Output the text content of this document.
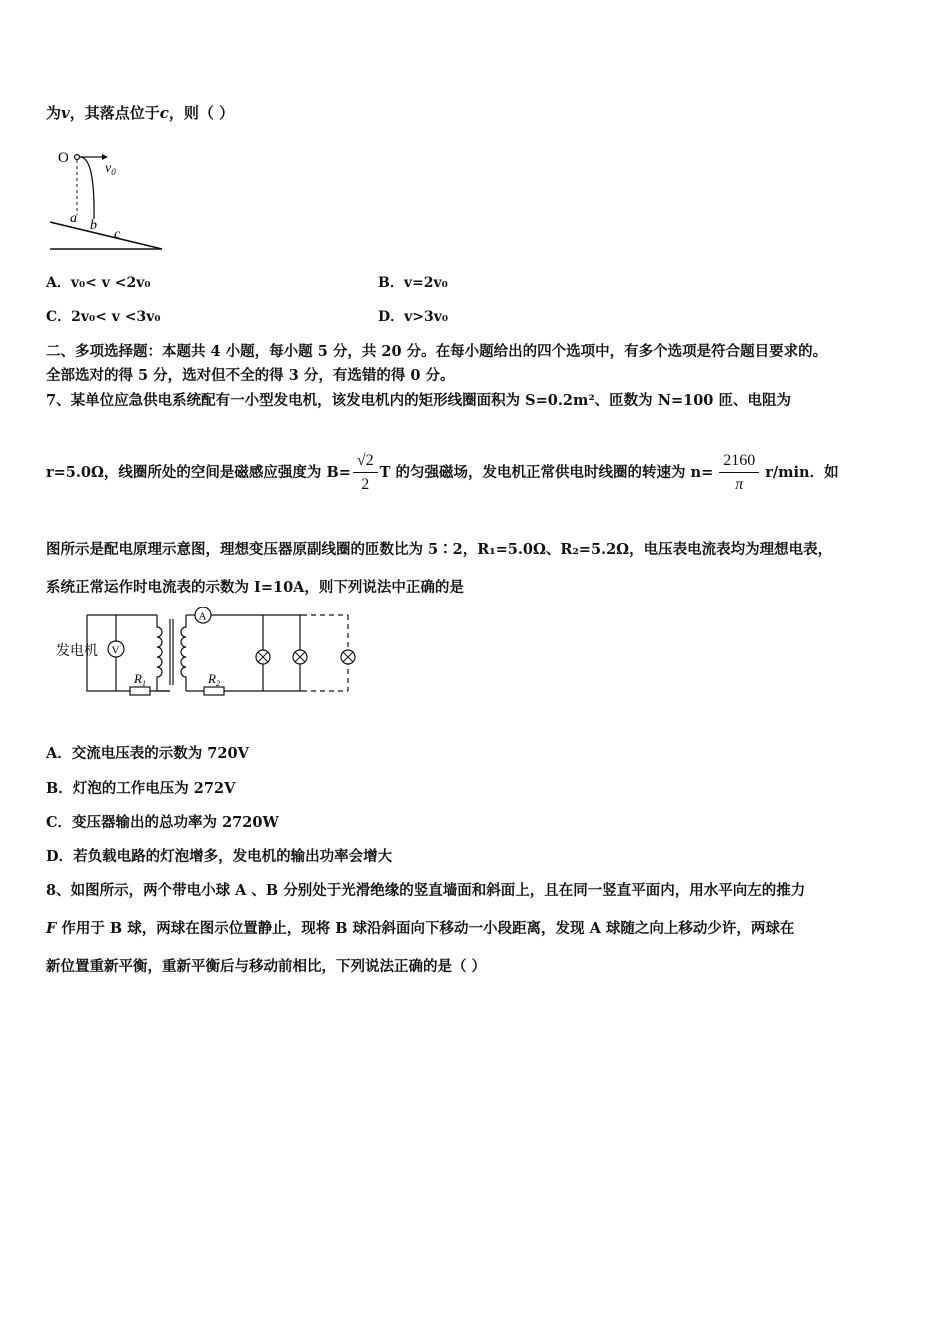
为v，其落点位于c，则（ ）
O
$v_0$
a b
c
A．v₀< v <2v₀	B．v=2v₀
C．2v₀< v <3v₀	D．v>3v₀
二、多项选择题：本题共 4 小题，每小题 5 分，共 20 分。在每小题给出的四个选项中，有多个选项是符合题目要求的。
全部选对的得 5 分，选对但不全的得 3 分，有选错的得 0 分。
7、某单位应急供电系统配有一小型发电机，该发电机内的矩形线圈面积为 S=0.2m²、匝数为 N=100 匝、电阻为
r=5.0Ω，线圈所处的空间是磁感应强度为 $B= \frac{√2}{2}$ T 的匀强磁场，发电机正常供电时线圈的转速为 $n= \frac{2160}{\pi} r/\min$．如
图所示是配电原理示意图，理想变压器原副线圈的匝数比为 5∶2，R₁=5.0Ω、R₂=5.2Ω，电压表电流表均为理想电表，
系统正常运作时电流表的示数为 I=10A，则下列说法中正确的是
发电机 V
$R_1$
A
$R_2$
A．交流电压表的示数为 720V
B．灯泡的工作电压为 272V
C．变压器输出的总功率为 2720W
D．若负载电路的灯泡增多，发电机的输出功率会增大
8、如图所示，两个带电小球 A 、B 分别处于光滑绝缘的竖直墙面和斜面上，且在同一竖直平面内，用水平向左的推力
F 作用于 B 球，两球在图示位置静止，现将 B 球沿斜面向下移动一小段距离，发现 A 球随之向上移动少许，两球在
新位置重新平衡，重新平衡后与移动前相比，下列说法正确的是（ ）
